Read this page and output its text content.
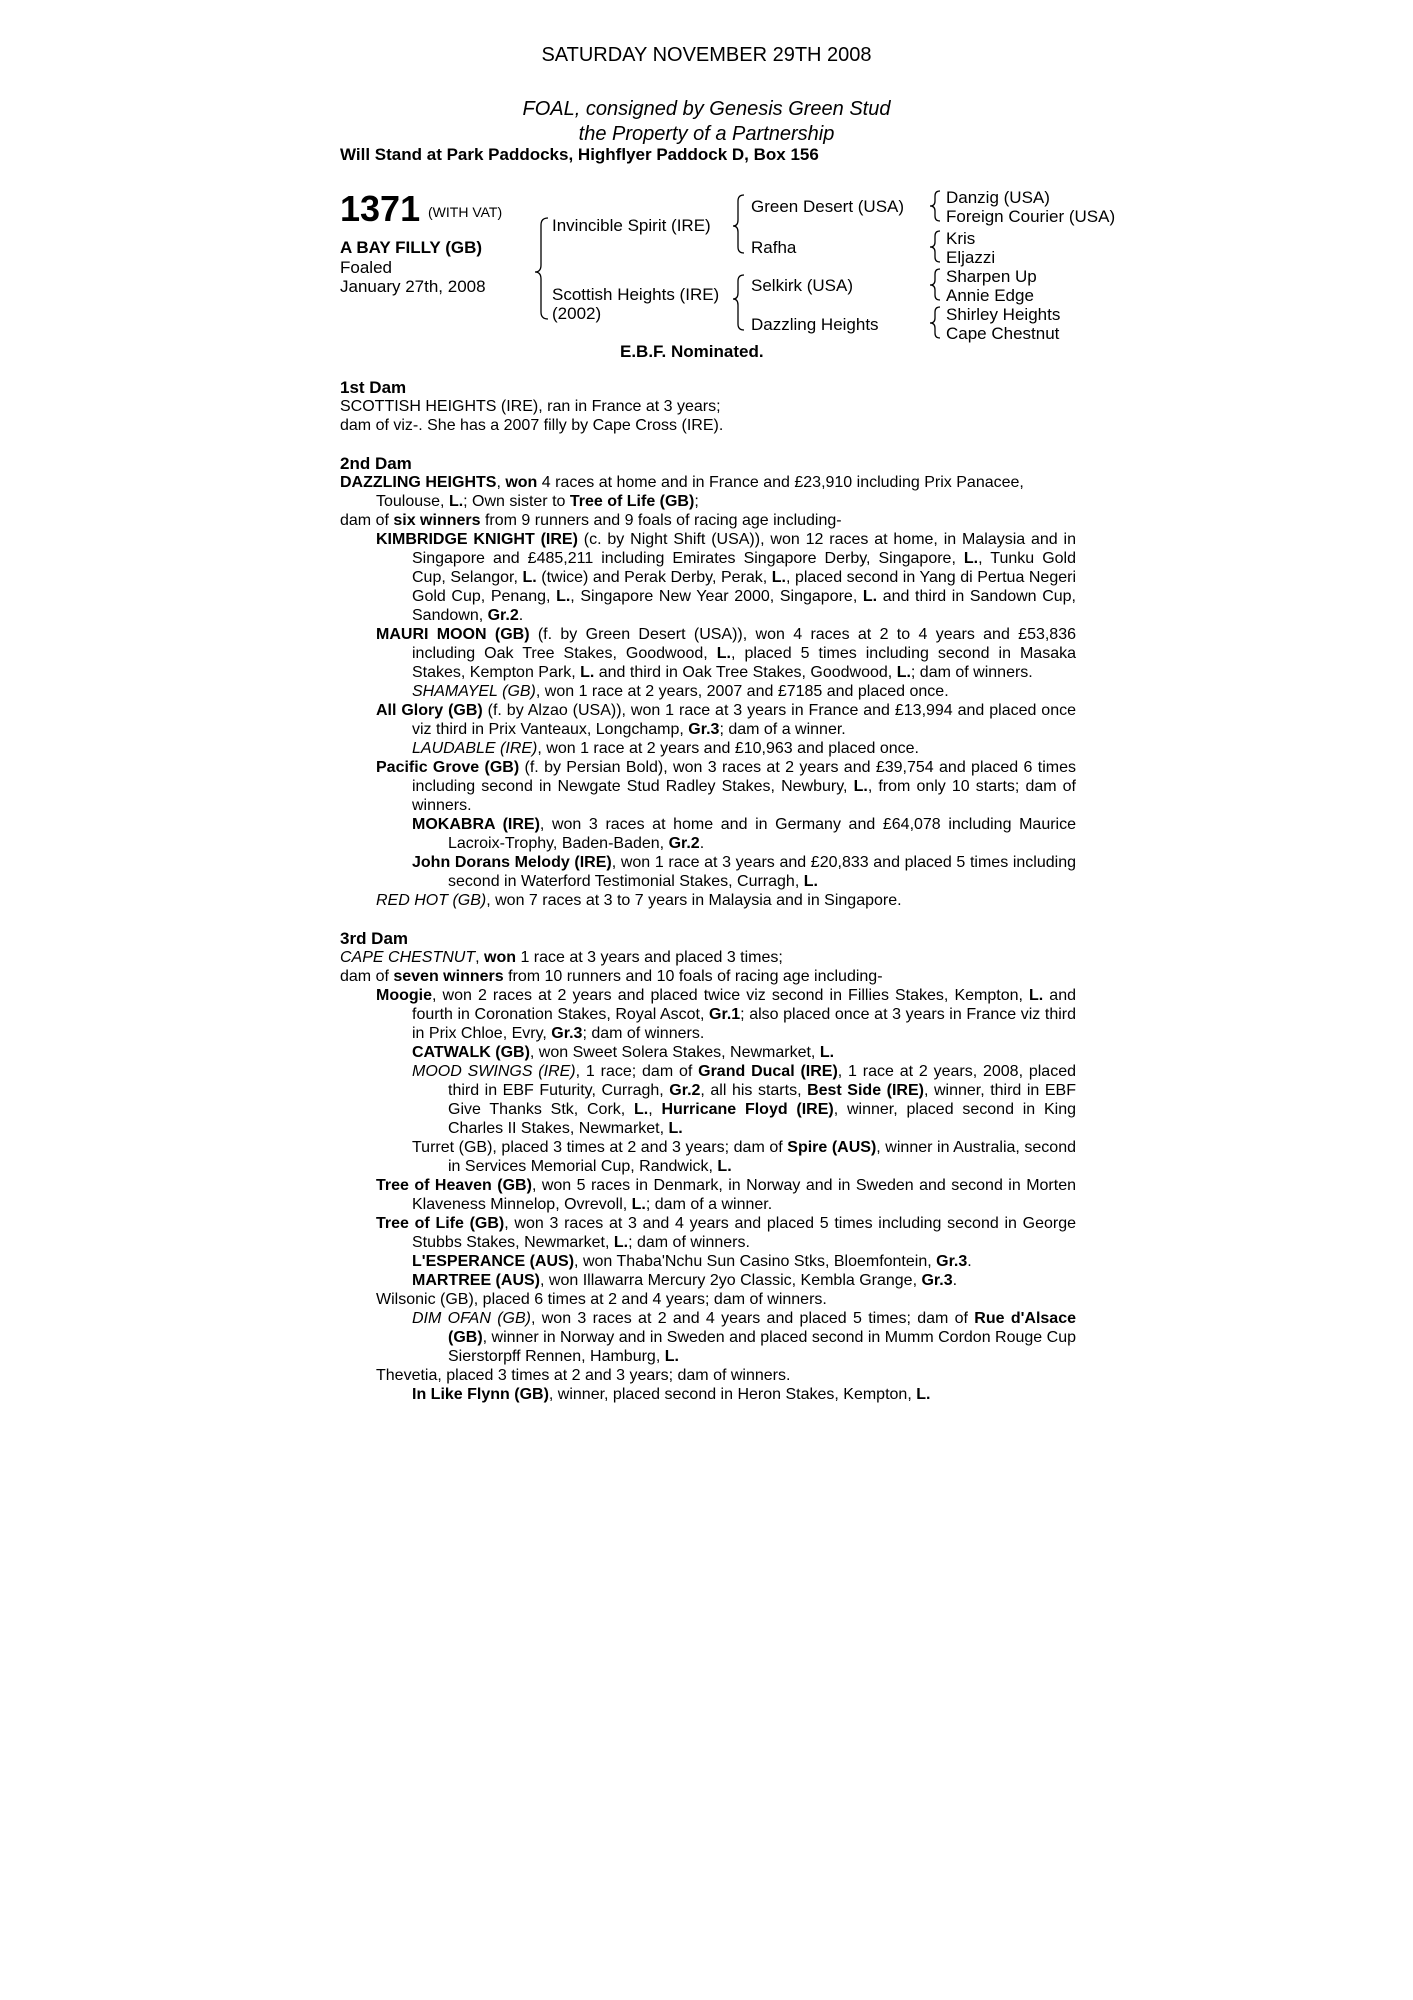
SATURDAY NOVEMBER 29TH 2008
FOAL, consigned by Genesis Green Stud
the Property of a Partnership
Will Stand at Park Paddocks, Highflyer Paddock D, Box 156
1371 (WITH VAT)
A BAY FILLY (GB)
Foaled
January 27th, 2008
Invincible Spirit (IRE)
Scottish Heights (IRE)
(2002)
Green Desert (USA)
Rafha
Selkirk (USA)
Dazzling Heights
Danzig (USA)
Foreign Courier (USA)
Kris
Eljazzi
Sharpen Up
Annie Edge
Shirley Heights
Cape Chestnut
E.B.F. Nominated.
1st Dam
SCOTTISH HEIGHTS (IRE), ran in France at 3 years;
dam of viz-. She has a 2007 filly by Cape Cross (IRE).
2nd Dam
DAZZLING HEIGHTS, won 4 races at home and in France and £23,910 including Prix Panacee, Toulouse, L.; Own sister to Tree of Life (GB);
dam of six winners from 9 runners and 9 foals of racing age including-
KIMBRIDGE KNIGHT (IRE) (c. by Night Shift (USA)), won 12 races at home, in Malaysia and in Singapore and £485,211 including Emirates Singapore Derby, Singapore, L., Tunku Gold Cup, Selangor, L. (twice) and Perak Derby, Perak, L., placed second in Yang di Pertua Negeri Gold Cup, Penang, L., Singapore New Year 2000, Singapore, L. and third in Sandown Cup, Sandown, Gr.2.
MAURI MOON (GB) (f. by Green Desert (USA)), won 4 races at 2 to 4 years and £53,836 including Oak Tree Stakes, Goodwood, L., placed 5 times including second in Masaka Stakes, Kempton Park, L. and third in Oak Tree Stakes, Goodwood, L.; dam of winners.
SHAMAYEL (GB), won 1 race at 2 years, 2007 and £7185 and placed once.
All Glory (GB) (f. by Alzao (USA)), won 1 race at 3 years in France and £13,994 and placed once viz third in Prix Vanteaux, Longchamp, Gr.3; dam of a winner.
LAUDABLE (IRE), won 1 race at 2 years and £10,963 and placed once.
Pacific Grove (GB) (f. by Persian Bold), won 3 races at 2 years and £39,754 and placed 6 times including second in Newgate Stud Radley Stakes, Newbury, L., from only 10 starts; dam of winners.
MOKABRA (IRE), won 3 races at home and in Germany and £64,078 including Maurice Lacroix-Trophy, Baden-Baden, Gr.2.
John Dorans Melody (IRE), won 1 race at 3 years and £20,833 and placed 5 times including second in Waterford Testimonial Stakes, Curragh, L.
RED HOT (GB), won 7 races at 3 to 7 years in Malaysia and in Singapore.
3rd Dam
CAPE CHESTNUT, won 1 race at 3 years and placed 3 times;
dam of seven winners from 10 runners and 10 foals of racing age including-
Moogie, won 2 races at 2 years and placed twice viz second in Fillies Stakes, Kempton, L. and fourth in Coronation Stakes, Royal Ascot, Gr.1; also placed once at 3 years in France viz third in Prix Chloe, Evry, Gr.3; dam of winners.
CATWALK (GB), won Sweet Solera Stakes, Newmarket, L.
MOOD SWINGS (IRE), 1 race; dam of Grand Ducal (IRE), 1 race at 2 years, 2008, placed third in EBF Futurity, Curragh, Gr.2, all his starts, Best Side (IRE), winner, third in EBF Give Thanks Stk, Cork, L., Hurricane Floyd (IRE), winner, placed second in King Charles II Stakes, Newmarket, L.
Turret (GB), placed 3 times at 2 and 3 years; dam of Spire (AUS), winner in Australia, second in Services Memorial Cup, Randwick, L.
Tree of Heaven (GB), won 5 races in Denmark, in Norway and in Sweden and second in Morten Klaveness Minnelop, Ovrevoll, L.; dam of a winner.
Tree of Life (GB), won 3 races at 3 and 4 years and placed 5 times including second in George Stubbs Stakes, Newmarket, L.; dam of winners.
L'ESPERANCE (AUS), won Thaba'Nchu Sun Casino Stks, Bloemfontein, Gr.3.
MARTREE (AUS), won Illawarra Mercury 2yo Classic, Kembla Grange, Gr.3.
Wilsonic (GB), placed 6 times at 2 and 4 years; dam of winners.
DIM OFAN (GB), won 3 races at 2 and 4 years and placed 5 times; dam of Rue d'Alsace (GB), winner in Norway and in Sweden and placed second in Mumm Cordon Rouge Cup Sierstorpff Rennen, Hamburg, L.
Thevetia, placed 3 times at 2 and 3 years; dam of winners.
In Like Flynn (GB), winner, placed second in Heron Stakes, Kempton, L.
